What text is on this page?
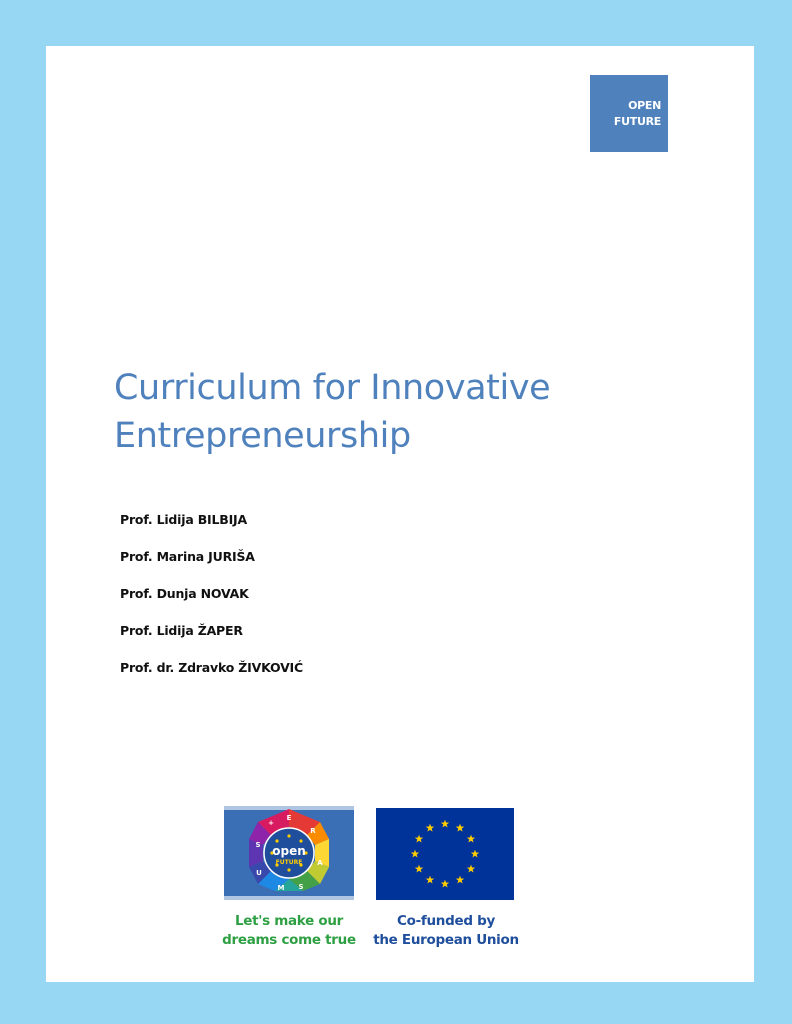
OPEN
FUTURE
Curriculum for Innovative
Entrepreneurship
Prof. Lidija BILBIJA
Prof. Marina JURIŠA
Prof. Dunja NOVAK
Prof. Lidija ŽAPER
Prof. dr. Zdravko ŽIVKOVIĆ
open
FUTURE
E
R
A
S
M
U
S
+
Let's make our
dreams come true
Co-funded by
the European Union
